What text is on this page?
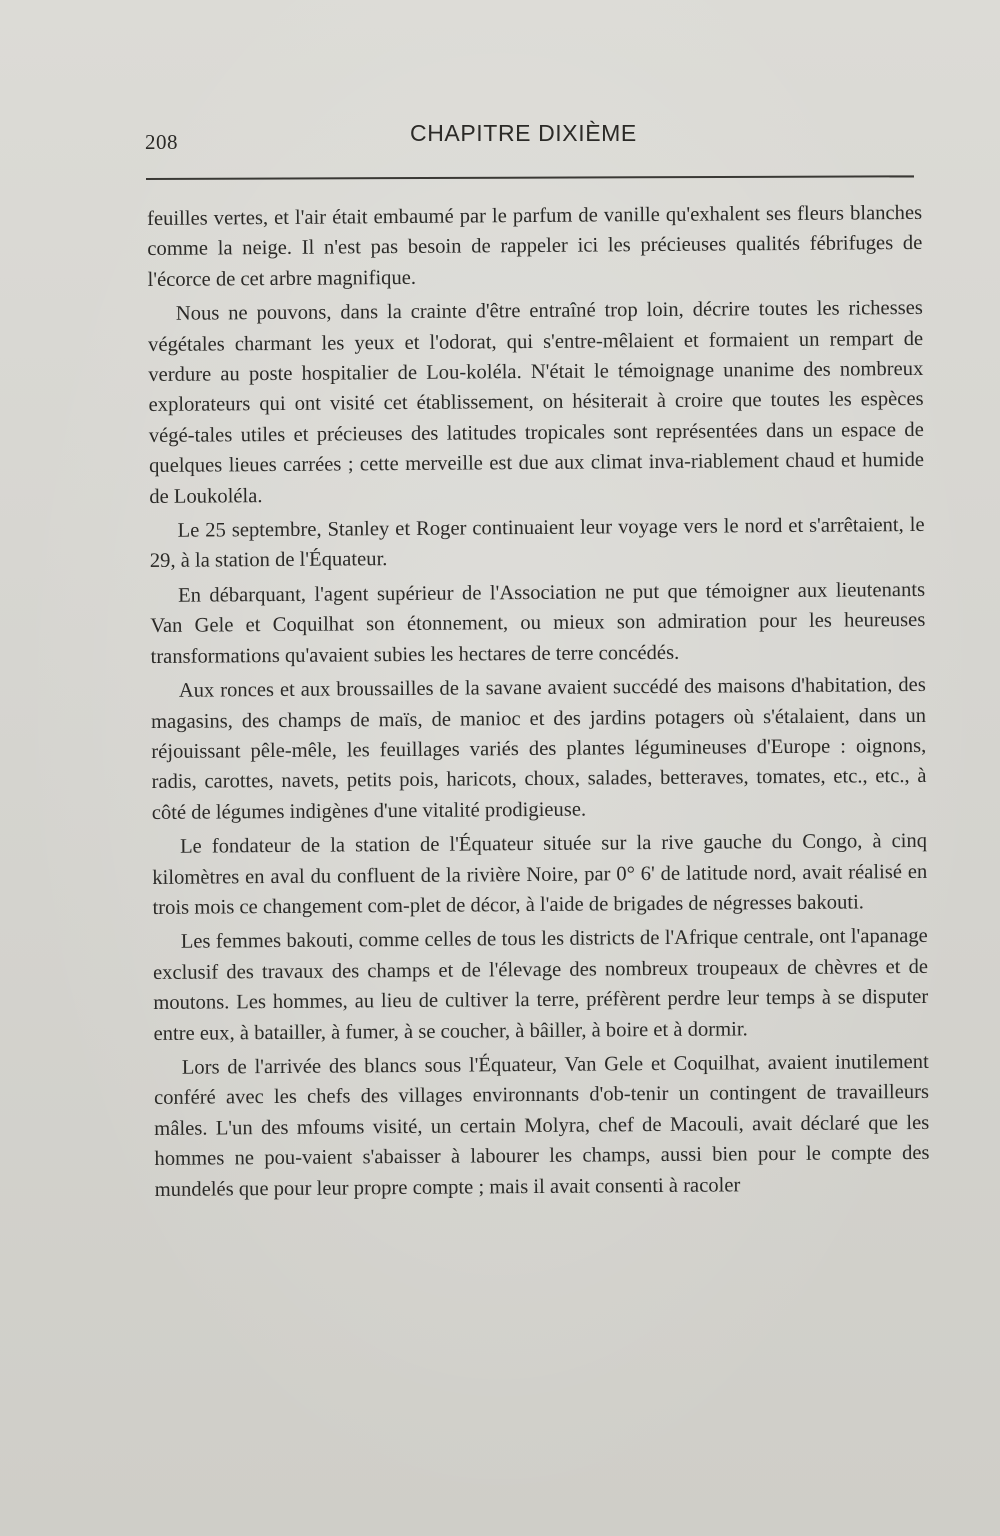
208	CHAPITRE DIXIÈME

feuilles vertes, et l'air était embaumé par le parfum de vanille qu'exhalent ses fleurs blanches comme la neige. Il n'est pas besoin de rappeler ici les précieuses qualités fébrifuges de l'écorce de cet arbre magnifique.

Nous ne pouvons, dans la crainte d'être entraîné trop loin, décrire toutes les richesses végétales charmant les yeux et l'odorat, qui s'entre-mêlaient et formaient un rempart de verdure au poste hospitalier de Lou-koléla. N'était le témoignage unanime des nombreux explorateurs qui ont visité cet établissement, on hésiterait à croire que toutes les espèces végé-tales utiles et précieuses des latitudes tropicales sont représentées dans un espace de quelques lieues carrées ; cette merveille est due aux climat inva-riablement chaud et humide de Loukoléla.

Le 25 septembre, Stanley et Roger continuaient leur voyage vers le nord et s'arrêtaient, le 29, à la station de l'Équateur.

En débarquant, l'agent supérieur de l'Association ne put que témoigner aux lieutenants Van Gele et Coquilhat son étonnement, ou mieux son admiration pour les heureuses transformations qu'avaient subies les hectares de terre concédés.

Aux ronces et aux broussailles de la savane avaient succédé des maisons d'habitation, des magasins, des champs de maïs, de manioc et des jardins potagers où s'étalaient, dans un réjouissant pêle-mêle, les feuillages variés des plantes légumineuses d'Europe : oignons, radis, carottes, navets, petits pois, haricots, choux, salades, betteraves, tomates, etc., etc., à côté de légumes indigènes d'une vitalité prodigieuse.

Le fondateur de la station de l'Équateur située sur la rive gauche du Congo, à cinq kilomètres en aval du confluent de la rivière Noire, par 0° 6' de latitude nord, avait réalisé en trois mois ce changement com-plet de décor, à l'aide de brigades de négresses bakouti.

Les femmes bakouti, comme celles de tous les districts de l'Afrique centrale, ont l'apanage exclusif des travaux des champs et de l'élevage des nombreux troupeaux de chèvres et de moutons. Les hommes, au lieu de cultiver la terre, préfèrent perdre leur temps à se disputer entre eux, à batailler, à fumer, à se coucher, à bâiller, à boire et à dormir.

Lors de l'arrivée des blancs sous l'Équateur, Van Gele et Coquilhat, avaient inutilement conféré avec les chefs des villages environnants d'ob-tenir un contingent de travailleurs mâles. L'un des mfoums visité, un certain Molyra, chef de Macouli, avait déclaré que les hommes ne pou-vaient s'abaisser à labourer les champs, aussi bien pour le compte des mundelés que pour leur propre compte ; mais il avait consenti à racoler
